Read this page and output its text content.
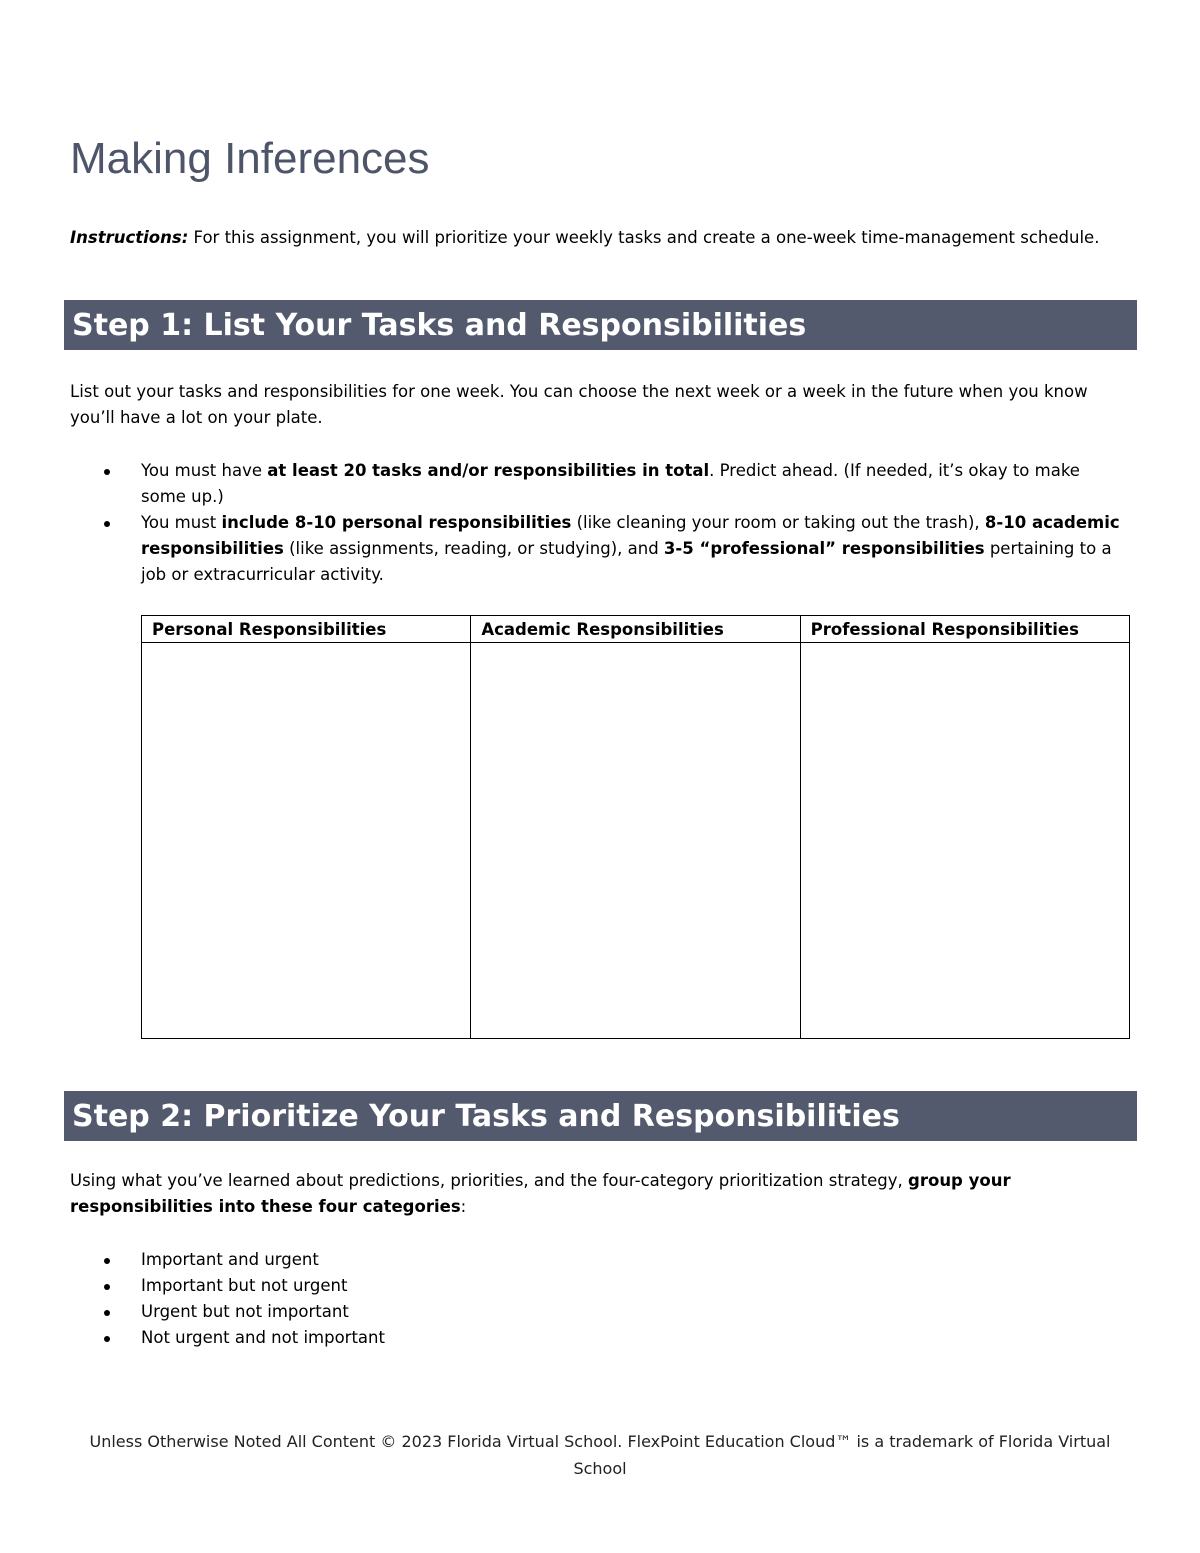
Making Inferences

Instructions: For this assignment, you will prioritize your weekly tasks and create a one-week time-management schedule.

Step 1: List Your Tasks and Responsibilities

List out your tasks and responsibilities for one week. You can choose the next week or a week in the future when you know you’ll have a lot on your plate.

You must have at least 20 tasks and/or responsibilities in total. Predict ahead. (If needed, it’s okay to make some up.)
You must include 8-10 personal responsibilities (like cleaning your room or taking out the trash), 8-10 academic responsibilities (like assignments, reading, or studying), and 3-5 “professional” responsibilities pertaining to a job or extracurricular activity.
Personal Responsibilities	Academic Responsibilities	Professional Responsibilities

Step 2: Prioritize Your Tasks and Responsibilities

Using what you’ve learned about predictions, priorities, and the four-category prioritization strategy, group your responsibilities into these four categories:

Important and urgent
Important but not urgent
Urgent but not important
Not urgent and not important

Unless Otherwise Noted All Content © 2023 Florida Virtual School. FlexPoint Education Cloud™ is a trademark of Florida Virtual School
